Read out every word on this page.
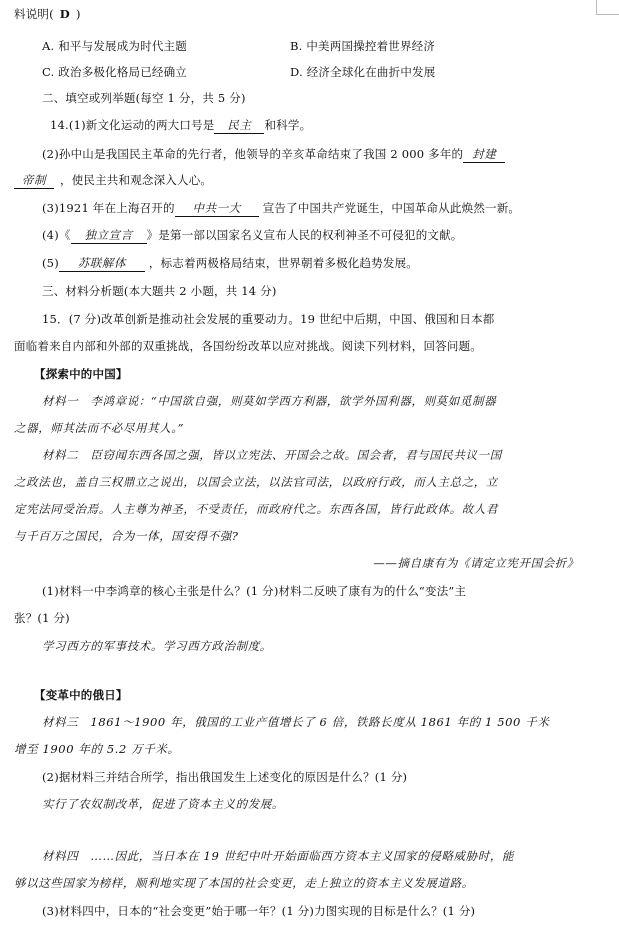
料说明( D )
A. 和平与发展成为时代主题	B. 中美两国操控着世界经济
C. 政治多极化格局已经确立	D. 经济全球化在曲折中发展
二、填空或列举题(每空 1 分，共 5 分)
14.(1)新文化运动的两大口号是 民主 和科学。
(2)孙中山是我国民主革命的先行者，他领导的辛亥革命结束了我国 2 000 多年的 封建
帝制 ，使民主共和观念深入人心。
(3)1921 年在上海召开的 中共一大 宣告了中国共产党诞生，中国革命从此焕然一新。
(4)《 独立宣言 》是第一部以国家名义宣布人民的权利神圣不可侵犯的文献。
(5) 苏联解体 ，标志着两极格局结束，世界朝着多极化趋势发展。
三、材料分析题(本大题共 2 小题，共 14 分)
15．(7 分)改革创新是推动社会发展的重要动力。19 世纪中后期，中国、俄国和日本都
面临着来自内部和外部的双重挑战，各国纷纷改革以应对挑战。阅读下列材料，回答问题。
【探索中的中国】
材料一　李鸿章说：“中国欲自强，则莫如学西方利器，欲学外国利器，则莫如觅制器
之器，师其法而不必尽用其人。”
材料二　臣窃闻东西各国之强，皆以立宪法、开国会之故。国会者，君与国民共议一国
之政法也，盖自三权鼎立之说出，以国会立法，以法官司法，以政府行政，而人主总之，立
定宪法同受治焉。人主尊为神圣，不受责任，而政府代之。东西各国，皆行此政体。故人君
与千百万之国民，合为一体，国安得不强?
——摘自康有为《请定立宪开国会折》
(1)材料一中李鸿章的核心主张是什么？(1 分)材料二反映了康有为的什么“变法”主
张？(1 分)
学习西方的军事技术。学习西方政治制度。
【变革中的俄日】
材料三　1861～1900 年，俄国的工业产值增长了 6 倍，铁路长度从 1861 年的 1 500 千米
增至 1900 年的 5.2 万千米。
(2)据材料三并结合所学，指出俄国发生上述变化的原因是什么？(1 分)
实行了农奴制改革，促进了资本主义的发展。
材料四　……因此，当日本在 19 世纪中叶开始面临西方资本主义国家的侵略威胁时，能
够以这些国家为榜样，顺利地实现了本国的社会变更，走上独立的资本主义发展道路。
(3)材料四中，日本的“社会变更”始于哪一年？(1 分)力图实现的目标是什么？(1 分)
